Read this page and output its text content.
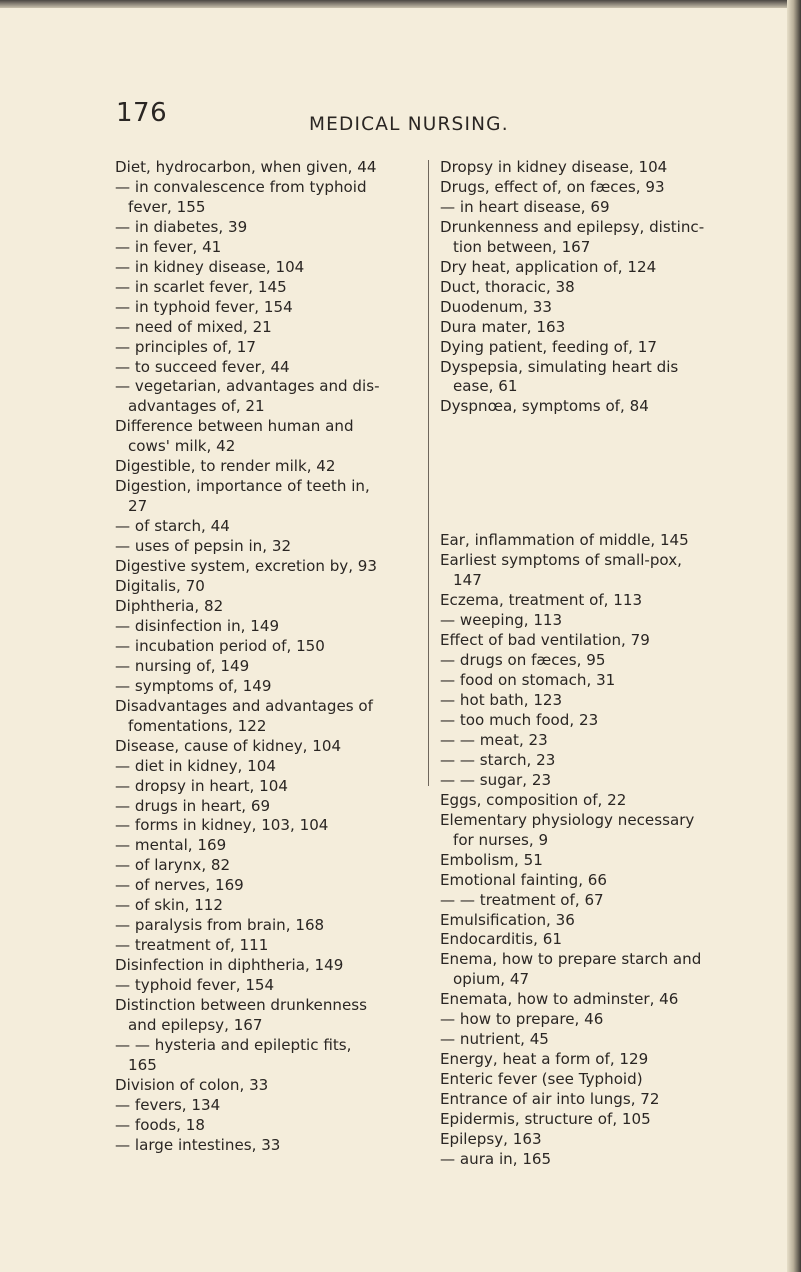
176	MEDICAL NURSING.

Diet, hydrocarbon, when given, 44

— in convalescence from typhoid

fever, 155

— in diabetes, 39

— in fever, 41

— in kidney disease, 104

— in scarlet fever, 145

— in typhoid fever, 154

— need of mixed, 21

— principles of, 17

— to succeed fever, 44

— vegetarian, advantages and dis-

advantages of, 21

Difference between human and

cows' milk, 42

Digestible, to render milk, 42

Digestion, importance of teeth in,

27

— of starch, 44

— uses of pepsin in, 32

Digestive system, excretion by, 93

Digitalis, 70

Diphtheria, 82

— disinfection in, 149

— incubation period of, 150

— nursing of, 149

— symptoms of, 149

Disadvantages and advantages of

fomentations, 122

Disease, cause of kidney, 104

— diet in kidney, 104

— dropsy in heart, 104

— drugs in heart, 69

— forms in kidney, 103, 104

— mental, 169

— of larynx, 82

— of nerves, 169

— of skin, 112

— paralysis from brain, 168

— treatment of, 111

Disinfection in diphtheria, 149

— typhoid fever, 154

Distinction between drunkenness

and epilepsy, 167

— — hysteria and epileptic fits,

165

Division of colon, 33

— fevers, 134

— foods, 18

— large intestines, 33

Dropsy in kidney disease, 104

Drugs, effect of, on fæces, 93

— in heart disease, 69

Drunkenness and epilepsy, distinc-

tion between, 167

Dry heat, application of, 124

Duct, thoracic, 38

Duodenum, 33

Dura mater, 163

Dying patient, feeding of, 17

Dyspepsia, simulating heart dis

ease, 61

Dyspnœa, symptoms of, 84

Ear, inflammation of middle, 145

Earliest symptoms of small-pox,

147

Eczema, treatment of, 113

— weeping, 113

Effect of bad ventilation, 79

— drugs on fæces, 95

— food on stomach, 31

— hot bath, 123

— too much food, 23

— — meat, 23

— — starch, 23

— — sugar, 23

Eggs, composition of, 22

Elementary physiology necessary

for nurses, 9

Embolism, 51

Emotional fainting, 66

— — treatment of, 67

Emulsification, 36

Endocarditis, 61

Enema, how to prepare starch and

opium, 47

Enemata, how to adminster, 46

— how to prepare, 46

— nutrient, 45

Energy, heat a form of, 129

Enteric fever (see Typhoid)

Entrance of air into lungs, 72

Epidermis, structure of, 105

Epilepsy, 163

— aura in, 165
